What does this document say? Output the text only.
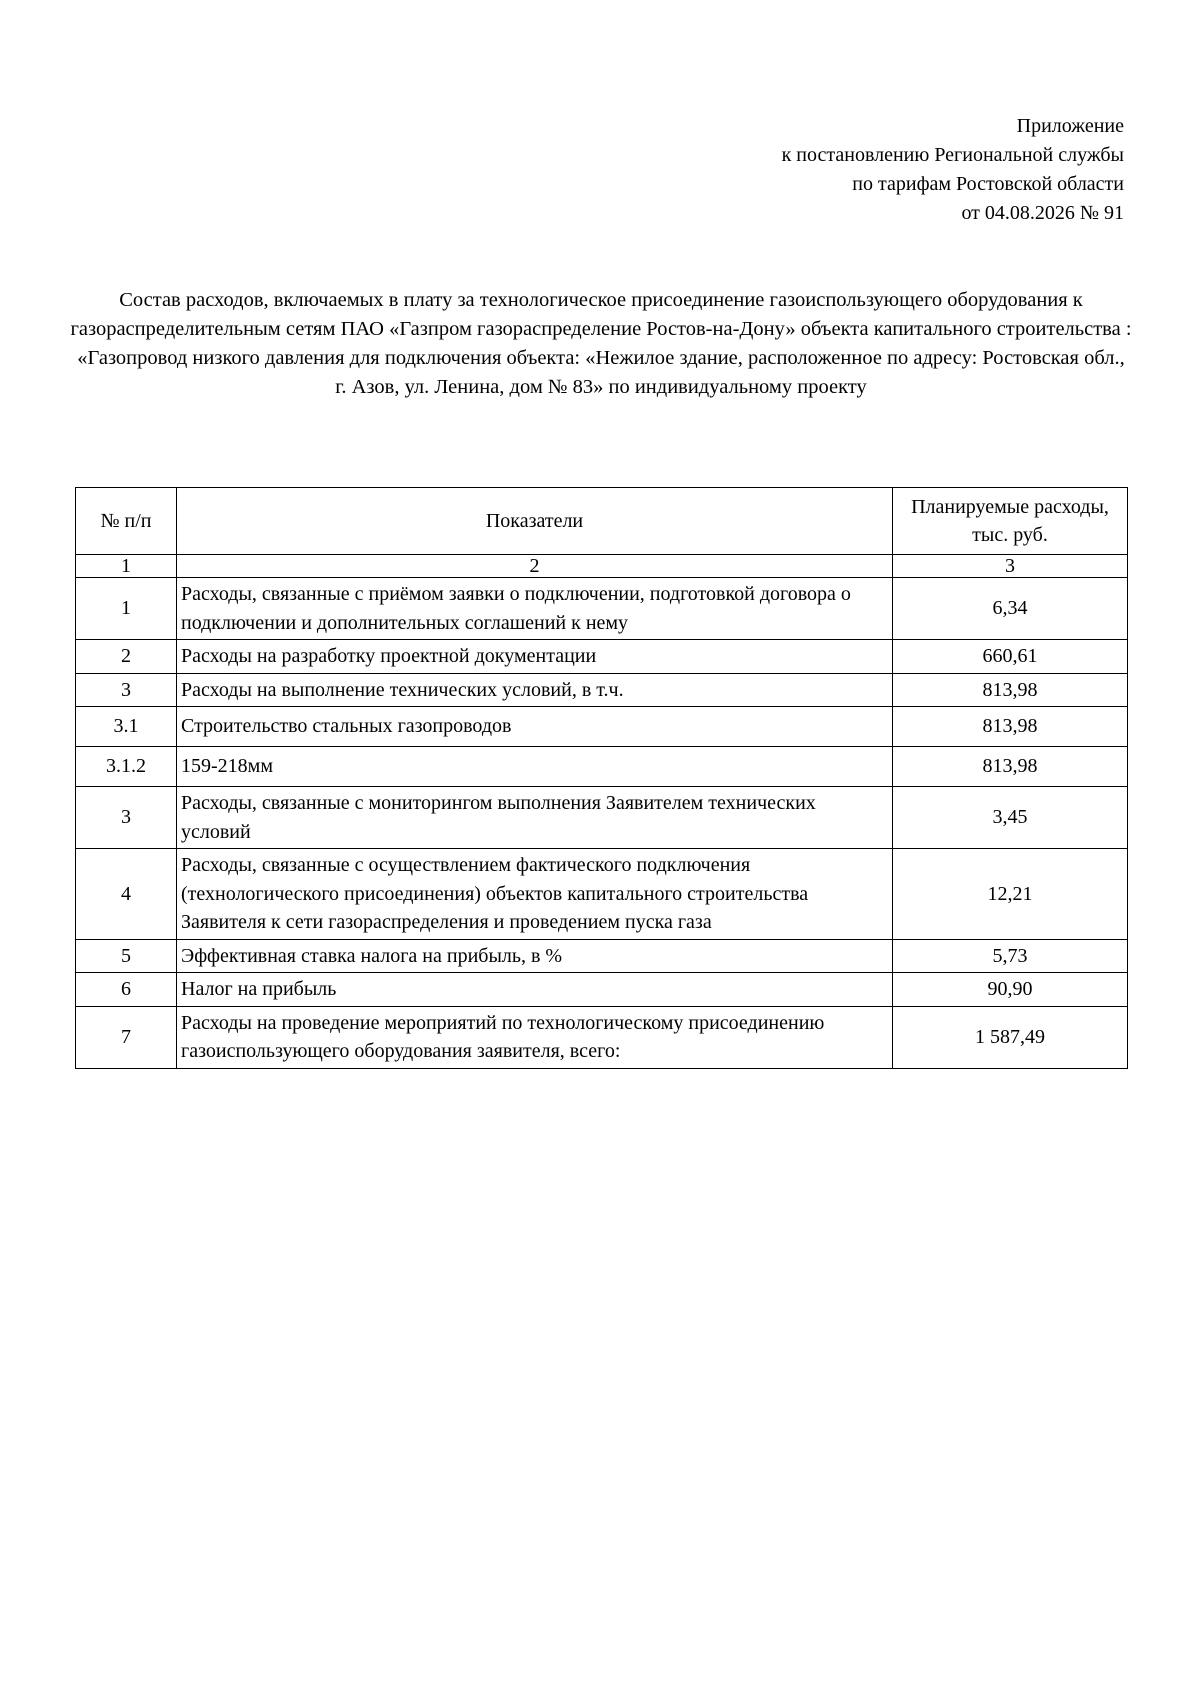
Приложение
к постановлению Региональной службы
по тарифам Ростовской области
от 04.08.2026 № 91
Состав расходов, включаемых в плату за технологическое присоединение газоиспользующего оборудования к газораспределительным сетям ПАО «Газпром газораспределение Ростов-на-Дону» объекта капитального строительства : «Газопровод низкого давления для подключения объекта: «Нежилое здание, расположенное по адресу: Ростовская обл., г. Азов, ул. Ленина, дом № 83» по индивидуальному проекту
№ п/п	Показатели	Планируемые расходы, тыс. руб.
1	2	3
1	Расходы, связанные с приёмом заявки о подключении, подготовкой договора о подключении и дополнительных соглашений к нему	6,34
2	Расходы на разработку проектной документации	660,61
3	Расходы на выполнение технических условий, в т.ч.	813,98
3.1	Строительство стальных газопроводов	813,98
3.1.2	159-218мм	813,98
3	Расходы, связанные с мониторингом выполнения Заявителем технических условий	3,45
4	Расходы, связанные с осуществлением фактического подключения (технологического присоединения) объектов капитального строительства Заявителя к сети газораспределения и проведением пуска газа	12,21
5	Эффективная ставка налога на прибыль, в %	5,73
6	Налог на прибыль	90,90
7	Расходы на проведение мероприятий по технологическому присоединению газоиспользующего оборудования заявителя, всего:	1 587,49
